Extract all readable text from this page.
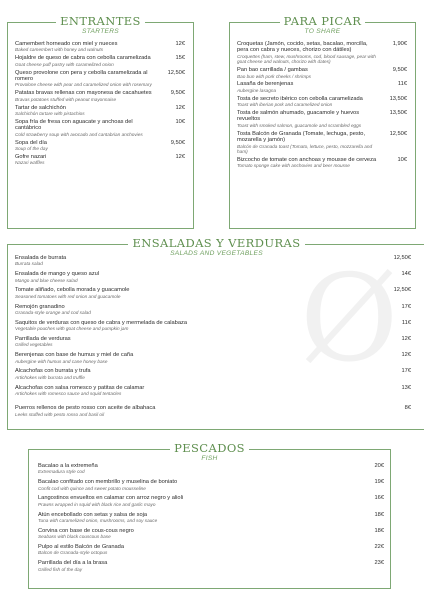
Ø
ENTRANTES
STARTERS
Camembert horneado con miel y nueces
Baked camembert with honey and walnuts
12€
Hojaldre de queso de cabra con cebolla caramelizada
Goat cheese puff pastry with caramelized onion
15€
Queso provolone con pera y cebolla caramelizada al romero
Provolone cheese with pear and caramelized onion with rosemary
12,50€
Patatas bravas rellenas con mayonesa de cacahuetes
Bravas potatoes stuffed with peanut mayonnaise
9,50€
Tartar de salchichón
Salchichón tartare with pistachios
12€
Sopa fría de fresa con aguacate y anchoas del cantábrico
Cold strawberry soup with avocado and cantabrian anchovies
10€
Sopa del día
Soup of the day
9,50€
Gofre nazari
Nazari waffles
12€
PARA PICAR
TO SHARE
Croquetas (Jamón, cocido, setas, bacalao, morcilla, pera con cabra y nueces, chorizo con dátiles)
Croquettes (ham, stew, mushrooms, cod, blood sausage, pear with goat cheese and walnuts, chorizo with dates)
1,90€
Pan bao carrillada / gambas
Bao bun with pork cheeks / shrimps
9,50€
Lasaña de berenjenas
Aubergine lasagna
11€
Tosta de secreto ibérico con cebolla caramelizada
Toast with iberian pork and caramelized onion
13,50€
Tosta de salmón ahumado, guacamole y huevos revueltos
Toast with smoked salmon, guacamole and scrambled eggs
13,50€
Tosta Balcón de Granada (Tomate, lechuga, pesto, mozarella y jamón)
Balcón de Granada toast (Tomato, lettuce, pesto, mozzarella and ham)
12,50€
Bizcocho de tomate con anchoas y mousse de cerveza
Tomato sponge cake with anchovies and beer mousse
10€
ENSALADAS Y VERDURAS
SALADS AND VEGETABLES
Ensalada de burrata
Burrata salad
12,50€
Ensalada de mango y queso azul
Mango and blue cheese salad
14€
Tomate aliñado, cebolla morada y guacamole
Seasoned tomatoes with red onion and guacamole
12,50€
Remojón granadino
Granada-style orange and cod salad
17€
Saquitos de verduras con queso de cabra y mermelada de calabaza
Vegetable pouches with goat cheese and pumpkin jam
11€
Parrillada de verduras
Grilled vegetables
12€
Berenjenas con base de humus y miel de caña
Aubergine with humus and cane honey base
12€
Alcachofas con burrata y trufa
Artichokes with burrata and truffle
17€
Alcachofas con salsa romesco y patitas de calamar
Artichokes with romesco sauce and squid tentacles
13€
Puerros rellenos de pesto rosso con aceite de albahaca
Leeks stuffed with pesto rosso and basil oil
8€
PESCADOS
FISH
Bacalao a la extremeña
Extremadura style cod
20€
Bacalao confitado con membrillo y muselina de boniato
Confit cod with quince and sweet potato mousseline
19€
Langostinos envueltos en calamar con arroz negro y alioli
Prawns wrapped in squid with black rice and garlic mayo
16€
Atún encebollado con setas y salsa de soja
Tuna with caramelized onion, mushrooms, and soy sauce
18€
Corvina con base de cous-cous negro
Seabass with black couscous base
18€
Pulpo al estilo Balcón de Granada
Balcon de Granada-style octopus
22€
Parrillada del día a la brasa
Grilled fish of the day
23€
